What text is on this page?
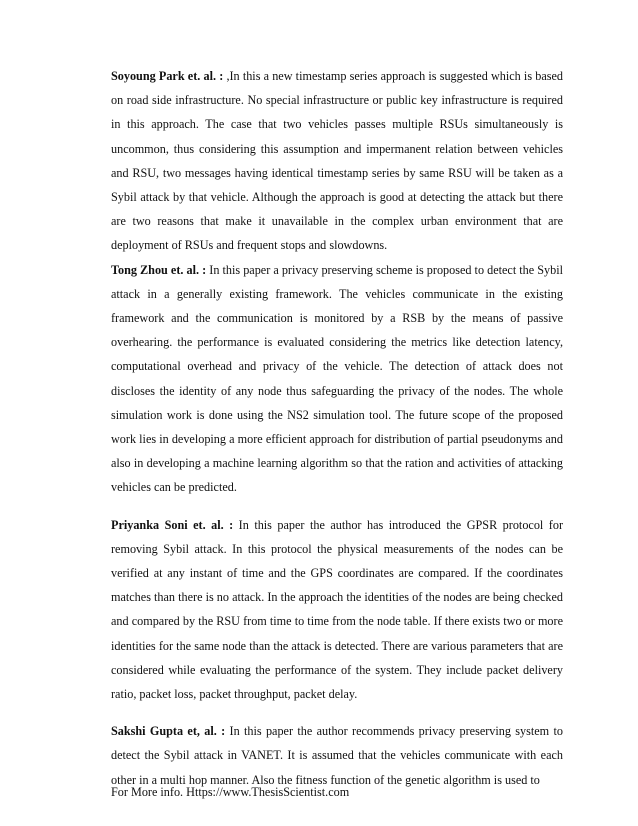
Soyoung Park et. al. : ,In this a new timestamp series approach is suggested which is based on road side infrastructure. No special infrastructure or public key infrastructure is required in this approach. The case that two vehicles passes multiple RSUs simultaneously is uncommon, thus considering this assumption and impermanent relation between vehicles and RSU, two messages having identical timestamp series by same RSU will be taken as a Sybil attack by that vehicle. Although the approach is good at detecting the attack but there are two reasons that make it unavailable in the complex urban environment that are deployment of RSUs and frequent stops and slowdowns.

Tong Zhou et. al. : In this paper a privacy preserving scheme is proposed to detect the Sybil attack in a generally existing framework. The vehicles communicate in the existing framework and the communication is monitored by a RSB by the means of passive overhearing. the performance is evaluated considering the metrics like detection latency, computational overhead and privacy of the vehicle. The detection of attack does not discloses the identity of any node thus safeguarding the privacy of the nodes. The whole simulation work is done using the NS2 simulation tool. The future scope of the proposed work lies in developing a more efficient approach for distribution of partial pseudonyms and also in developing a machine learning algorithm so that the ration and activities of attacking vehicles can be predicted.

Priyanka Soni et. al. : In this paper the author has introduced the GPSR protocol for removing Sybil attack. In this protocol the physical measurements of the nodes can be verified at any instant of time and the GPS coordinates are compared. If the coordinates matches than there is no attack. In the approach the identities of the nodes are being checked and compared by the RSU from time to time from the node table. If there exists two or more identities for the same node than the attack is detected. There are various parameters that are considered while evaluating the performance of the system. They include packet delivery ratio, packet loss, packet throughput, packet delay.

Sakshi Gupta et, al. : In this paper the author recommends privacy preserving system to detect the Sybil attack in VANET. It is assumed that the vehicles communicate with each other in a multi hop manner. Also the fitness function of the genetic algorithm is used to

For More info. Https://www.ThesisScientist.com
